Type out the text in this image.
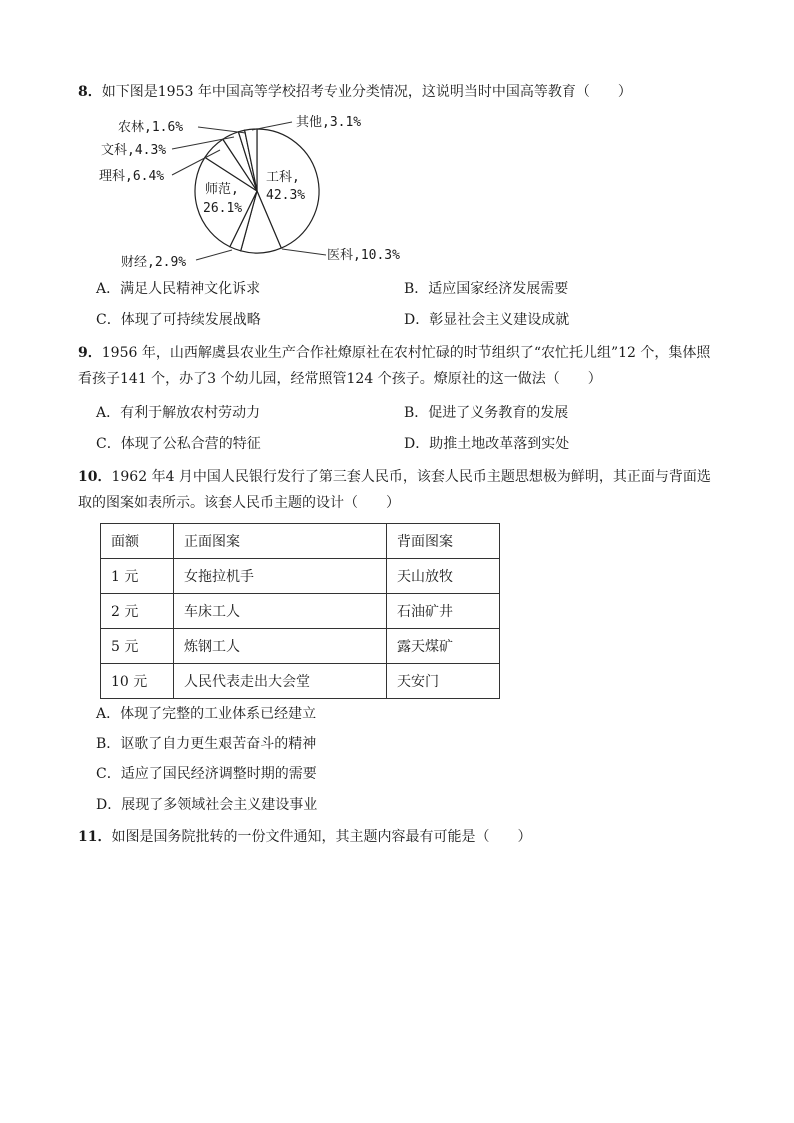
8．如下图是1953 年中国高等学校招考专业分类情况，这说明当时中国高等教育（　　）
农林,1.6%
文科,4.3%
理科,6.4%
其他,3.1%
财经,2.9%	医科,10.3%
工科,
42.3%
师范,
26.1%
A．满足人民精神文化诉求	B．适应国家经济发展需要
C．体现了可持续发展战略	D．彰显社会主义建设成就
9．1956 年，山西解虞县农业生产合作社燎原社在农村忙碌的时节组织了“农忙托儿组”12 个，集体照
看孩子141 个，办了3 个幼儿园，经常照管124 个孩子。燎原社的这一做法（　　）
A．有利于解放农村劳动力	B．促进了义务教育的发展
C．体现了公私合营的特征	D．助推土地改革落到实处
10．1962 年4 月中国人民银行发行了第三套人民币，该套人民币主题思想极为鲜明，其正面与背面选
取的图案如表所示。该套人民币主题的设计（　　）
面额	正面图案	背面图案
1 元	女拖拉机手	天山放牧
2 元	车床工人	石油矿井
5 元	炼钢工人	露天煤矿
10 元	人民代表走出大会堂	天安门
A．体现了完整的工业体系已经建立
B．讴歌了自力更生艰苦奋斗的精神
C．适应了国民经济调整时期的需要
D．展现了多领域社会主义建设事业
11．如图是国务院批转的一份文件通知，其主题内容最有可能是（　　）
